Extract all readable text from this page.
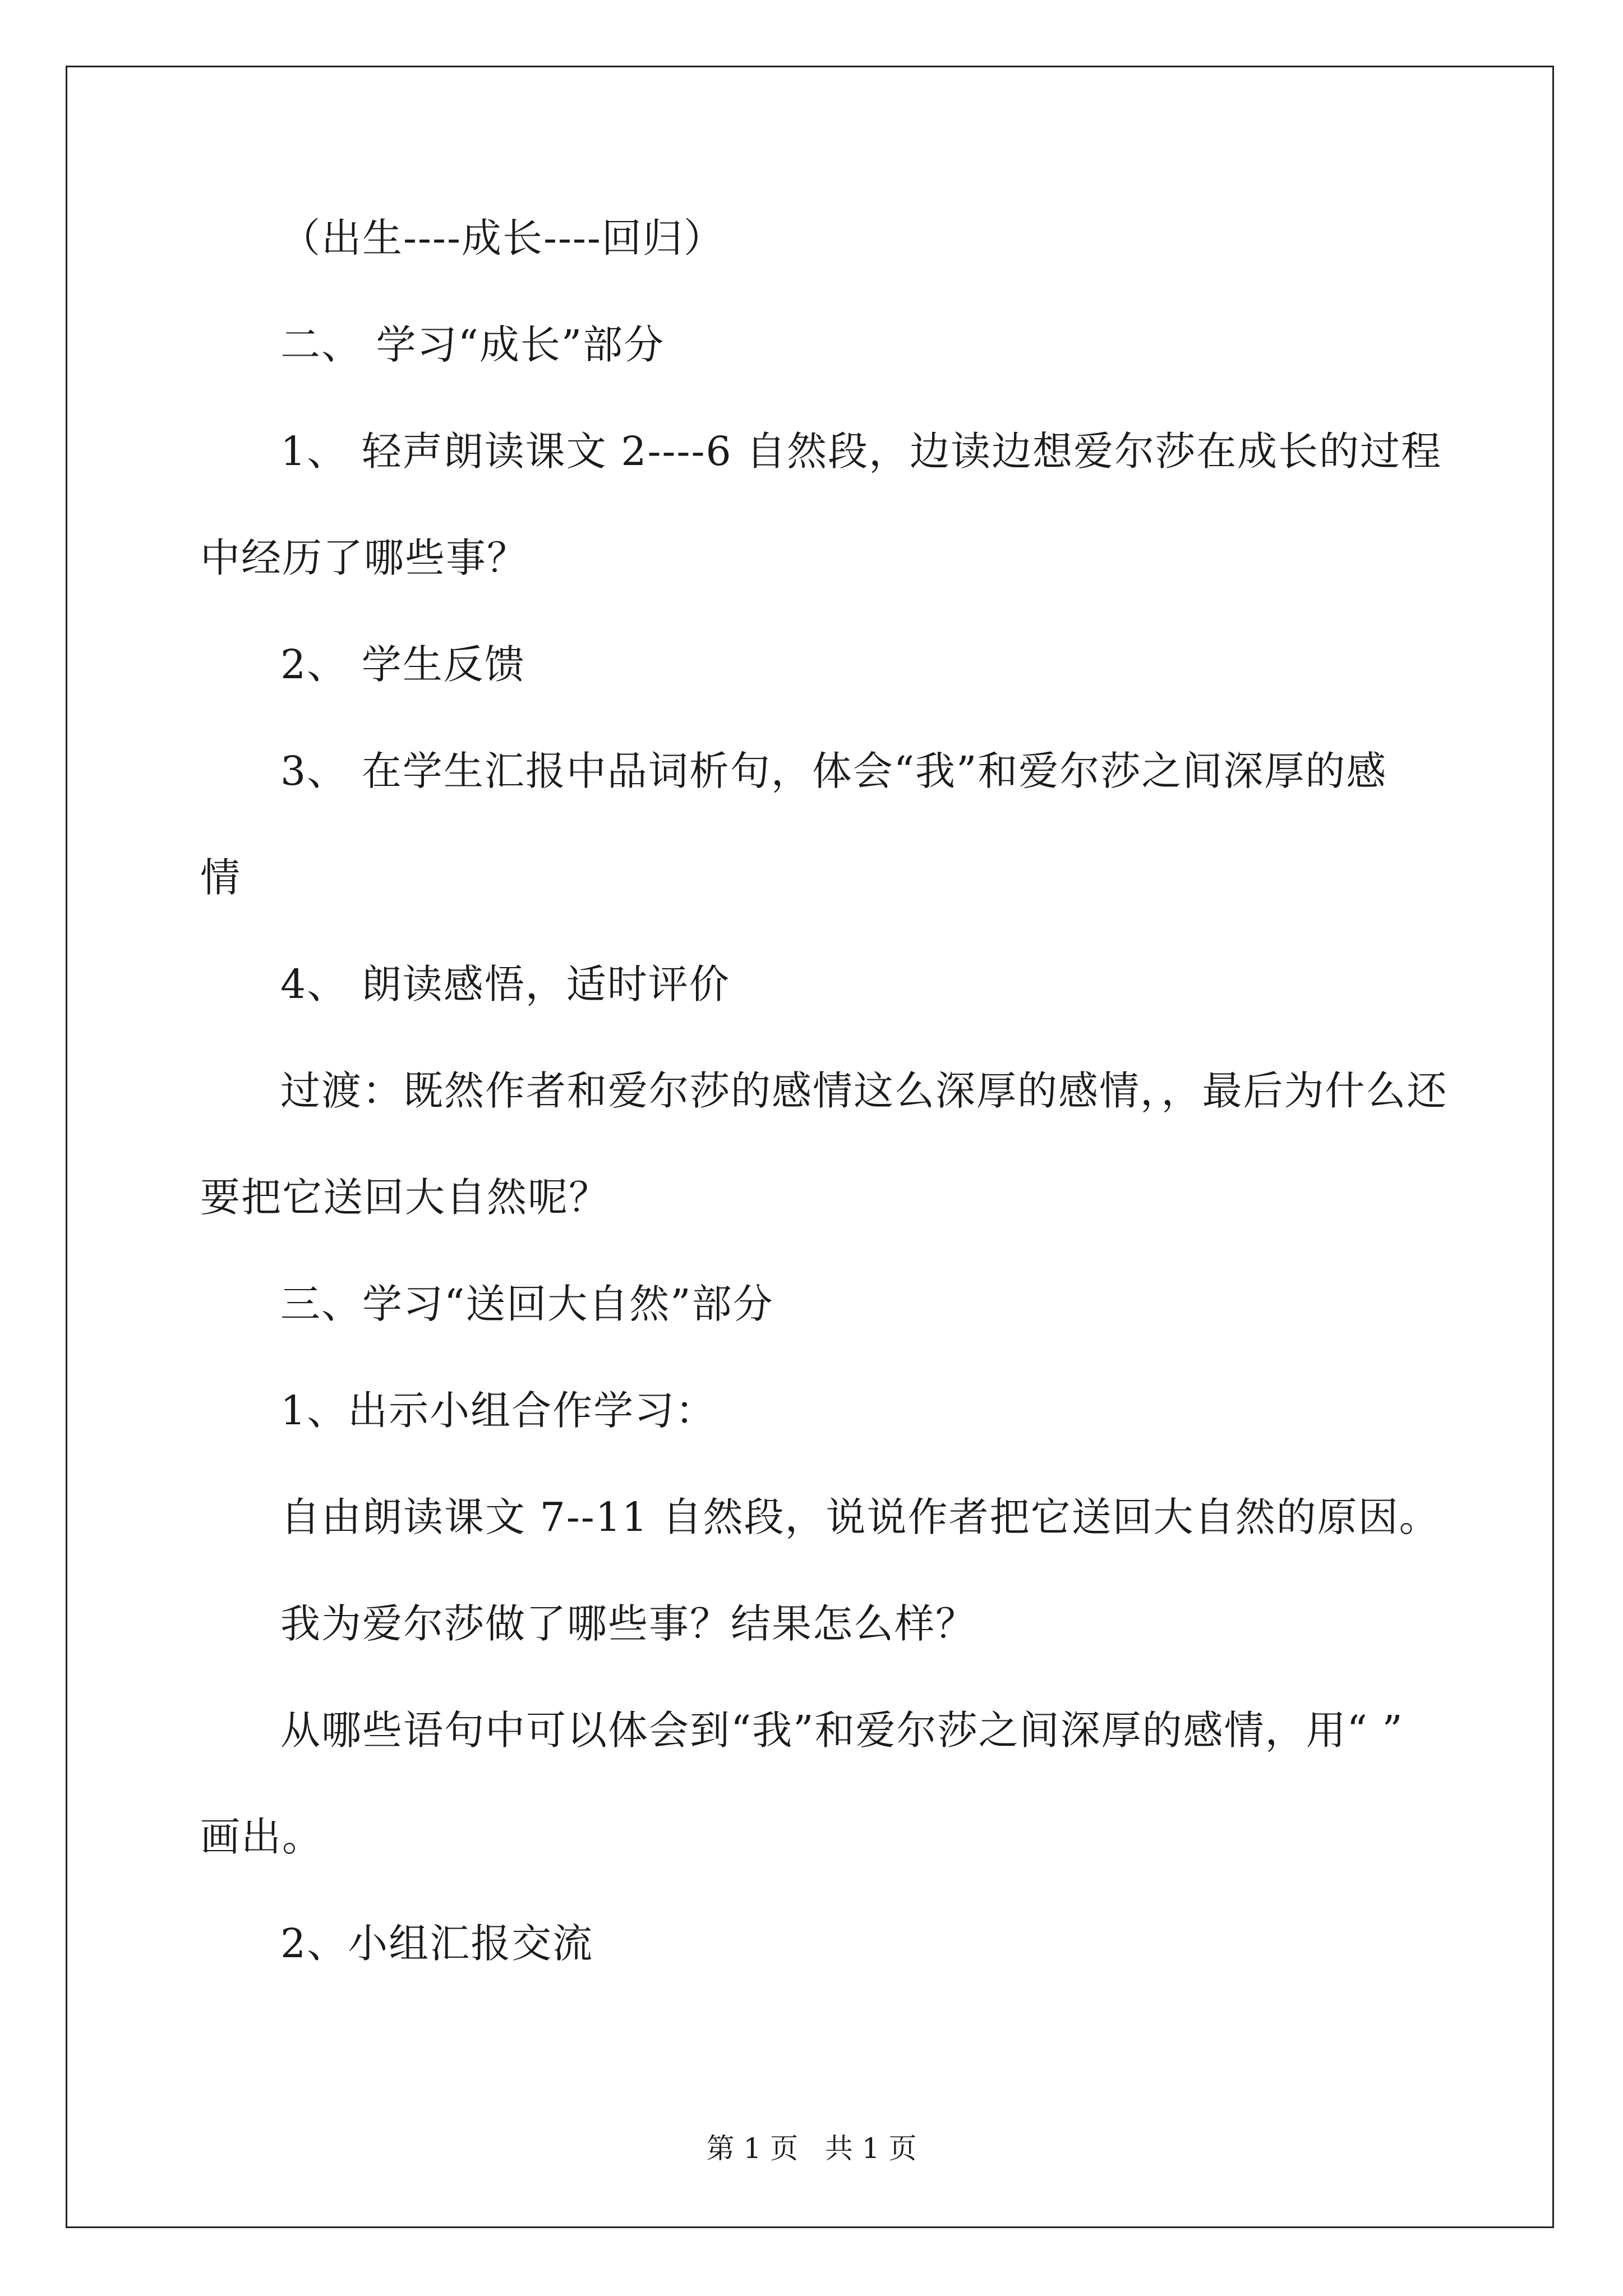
（出生----成长----回归）
二、 学习“成长”部分
1、 轻声朗读课文 2----6 自然段，边读边想爱尔莎在成长的过程
中经历了哪些事？
2、 学生反馈
3、 在学生汇报中品词析句，体会“我”和爱尔莎之间深厚的感
情
4、 朗读感悟，适时评价
过渡：既然作者和爱尔莎的感情这么深厚的感情，，最后为什么还
要把它送回大自然呢？
三、学习“送回大自然”部分
1、出示小组合作学习：
自由朗读课文 7--11 自然段，说说作者把它送回大自然的原因。
我为爱尔莎做了哪些事？结果怎么样？
从哪些语句中可以体会到“我”和爱尔莎之间深厚的感情，用“ ”
画出。
2、小组汇报交流
第 1 页   共 1 页
